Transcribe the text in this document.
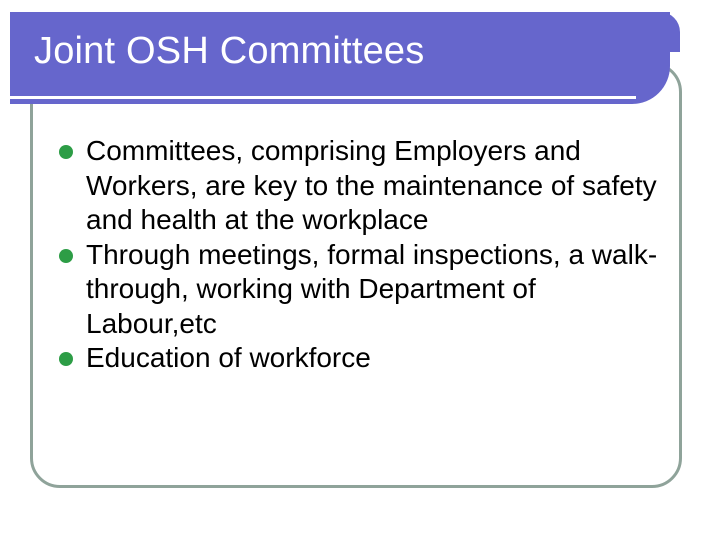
Joint OSH Committees
Committees, comprising Employers and Workers, are key to the maintenance of safety and health at the workplace
Through meetings, formal inspections, a walk-through, working with Department of Labour,etc
Education of workforce
